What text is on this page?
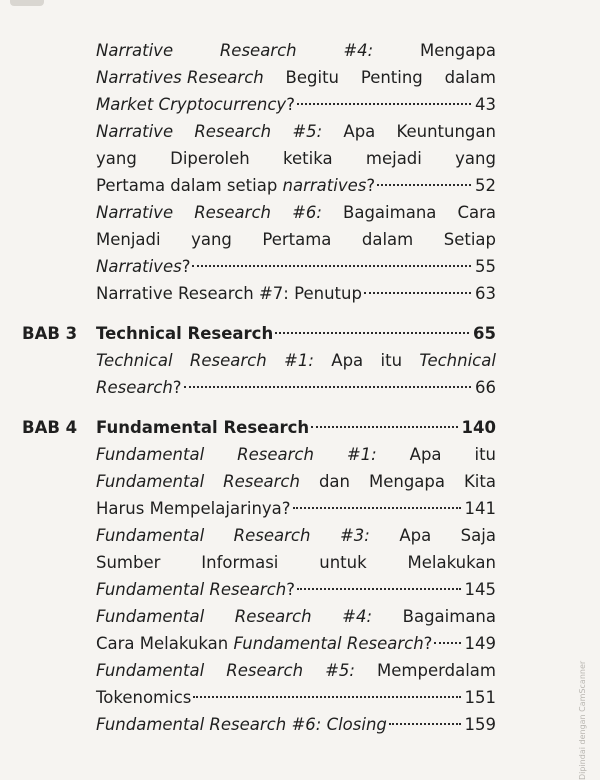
Narrative	Research	#4:	Mengapa
Narratives Research Begitu Penting dalam
Market Cryptocurrency?	43
Narrative Research #5: Apa Keuntungan
yang Diperoleh ketika mejadi yang
Pertama dalam setiap narratives?	52
Narrative Research #6: Bagaimana Cara
Menjadi yang Pertama dalam Setiap
Narratives?	55
Narrative Research #7: Penutup	63
BAB 3	Technical Research	65
Technical Research #1: Apa itu Technical
Research?	66
BAB 4	Fundamental Research	140
Fundamental Research #1: Apa itu
Fundamental Research dan Mengapa Kita
Harus Mempelajarinya?	141
Fundamental Research #3: Apa Saja
Sumber Informasi untuk Melakukan
Fundamental Research?	145
Fundamental Research #4: Bagaimana
Cara Melakukan Fundamental Research? 149
Fundamental Research #5: Memperdalam
Tokenomics	151
Fundamental Research #6: Closing	159	Dipindai dengan CamScanner
